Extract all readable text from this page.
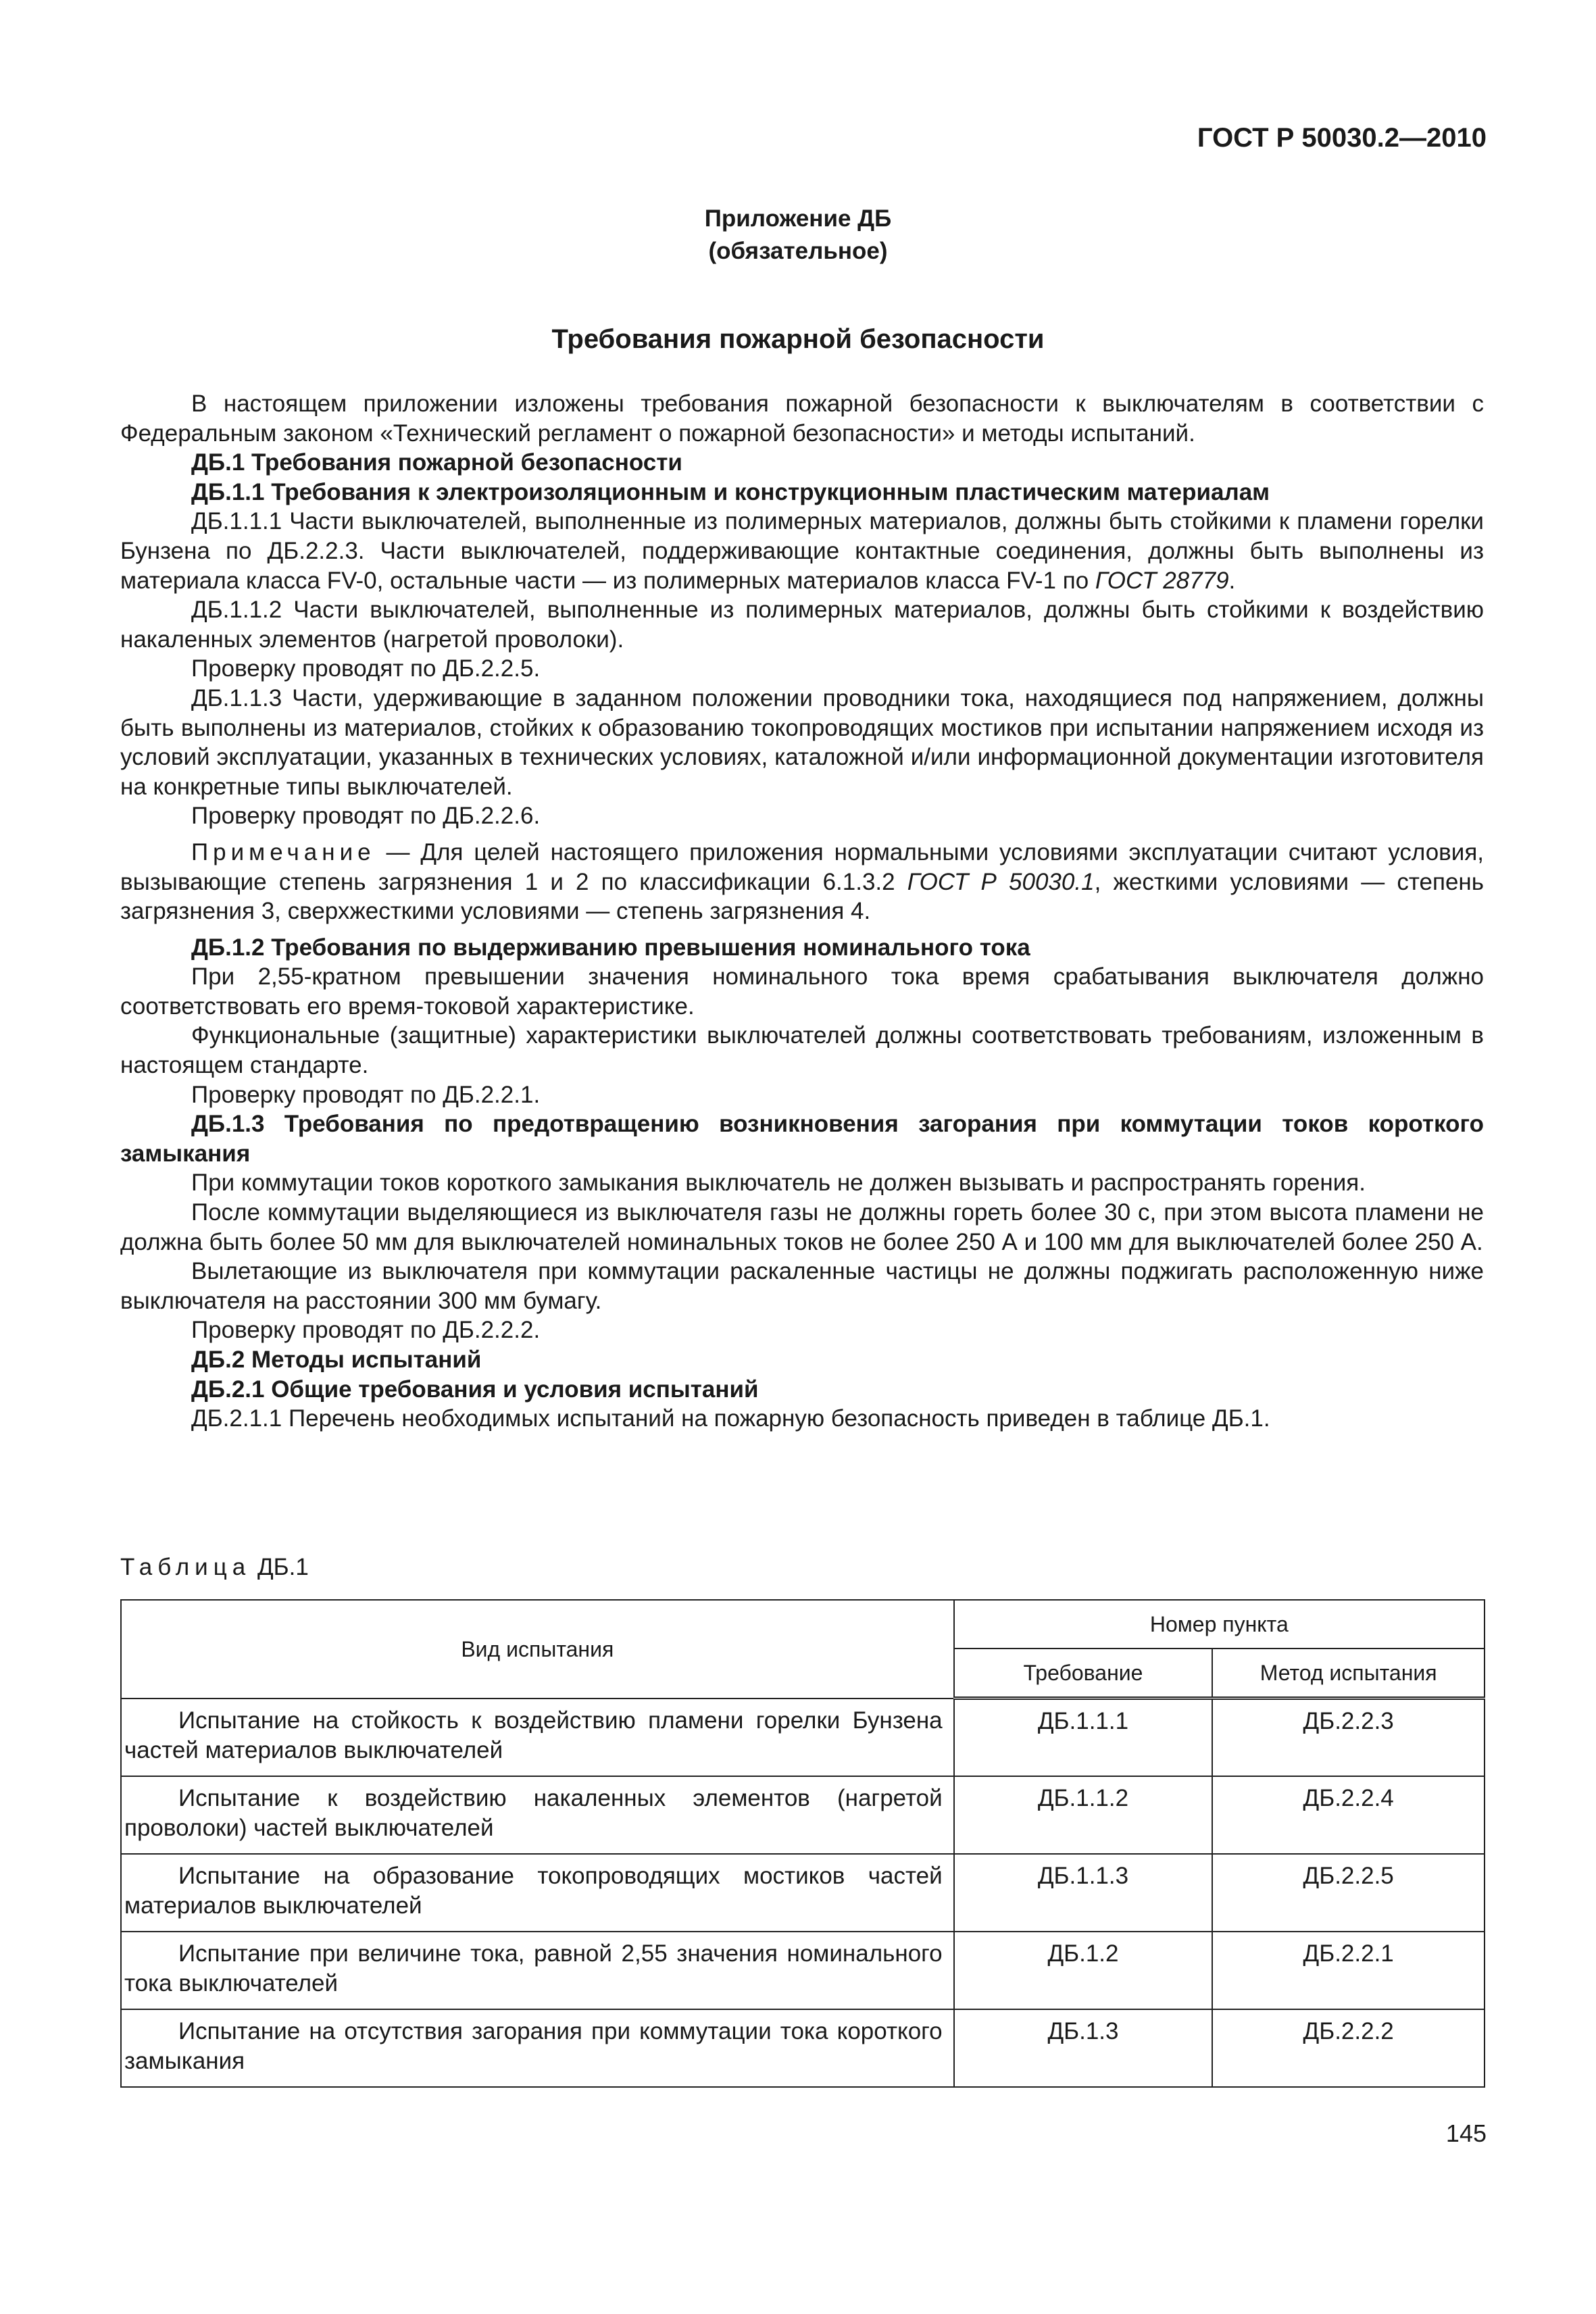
ГОСТ Р 50030.2—2010
Приложение ДБ
(обязательное)
Требования пожарной безопасности

В настоящем приложении изложены требования пожарной безопасности к выключателям в соответствии с Федеральным законом «Технический регламент о пожарной безопасности» и методы испытаний.

ДБ.1 Требования пожарной безопасности

ДБ.1.1 Требования к электроизоляционным и конструкционным пластическим материалам

ДБ.1.1.1 Части выключателей, выполненные из полимерных материалов, должны быть стойкими к пламени горелки Бунзена по ДБ.2.2.3. Части выключателей, поддерживающие контактные соединения, должны быть выполнены из материала класса FV-0, остальные части — из полимерных материалов класса FV-1 по ГОСТ 28779.

ДБ.1.1.2 Части выключателей, выполненные из полимерных материалов, должны быть стойкими к воздействию накаленных элементов (нагретой проволоки).

Проверку проводят по ДБ.2.2.5.

ДБ.1.1.3 Части, удерживающие в заданном положении проводники тока, находящиеся под напряжением, должны быть выполнены из материалов, стойких к образованию токопроводящих мостиков при испытании напряжением исходя из условий эксплуатации, указанных в технических условиях, каталожной и/или информационной документации изготовителя на конкретные типы выключателей.

Проверку проводят по ДБ.2.2.6.

Примечание — Для целей настоящего приложения нормальными условиями эксплуатации считают условия, вызывающие степень загрязнения 1 и 2 по классификации 6.1.3.2 ГОСТ Р 50030.1, жесткими условиями — степень загрязнения 3, сверхжесткими условиями — степень загрязнения 4.

ДБ.1.2 Требования по выдерживанию превышения номинального тока

При 2,55-кратном превышении значения номинального тока время срабатывания выключателя должно соответствовать его время-токовой характеристике.

Функциональные (защитные) характеристики выключателей должны соответствовать требованиям, изложенным в настоящем стандарте.

Проверку проводят по ДБ.2.2.1.

ДБ.1.3 Требования по предотвращению возникновения загорания при коммутации токов короткого замыкания

При коммутации токов короткого замыкания выключатель не должен вызывать и распространять горения.

После коммутации выделяющиеся из выключателя газы не должны гореть более 30 с, при этом высота пламени не должна быть более 50 мм для выключателей номинальных токов не более 250 А и 100 мм для выключателей более 250 А.

Вылетающие из выключателя при коммутации раскаленные частицы не должны поджигать расположенную ниже выключателя на расстоянии 300 мм бумагу.

Проверку проводят по ДБ.2.2.2.

ДБ.2 Методы испытаний

ДБ.2.1 Общие требования и условия испытаний

ДБ.2.1.1 Перечень необходимых испытаний на пожарную безопасность приведен в таблице ДБ.1.

Таблица ДБ.1
Вид испытания	Номер пункта	
	Требование	Метод испытания
Испытание на стойкость к воздействию пламени горелки Бунзена частей материалов выключателей	ДБ.1.1.1	ДБ.2.2.3
Испытание к воздействию накаленных элементов (нагретой проволоки) частей выключателей	ДБ.1.1.2	ДБ.2.2.4
Испытание на образование токопроводящих мостиков частей материалов выключателей	ДБ.1.1.3	ДБ.2.2.5
Испытание при величине тока, равной 2,55 значения номинального тока выключателей	ДБ.1.2	ДБ.2.2.1
Испытание на отсутствия загорания при коммутации тока короткого замыкания	ДБ.1.3	ДБ.2.2.2
145
